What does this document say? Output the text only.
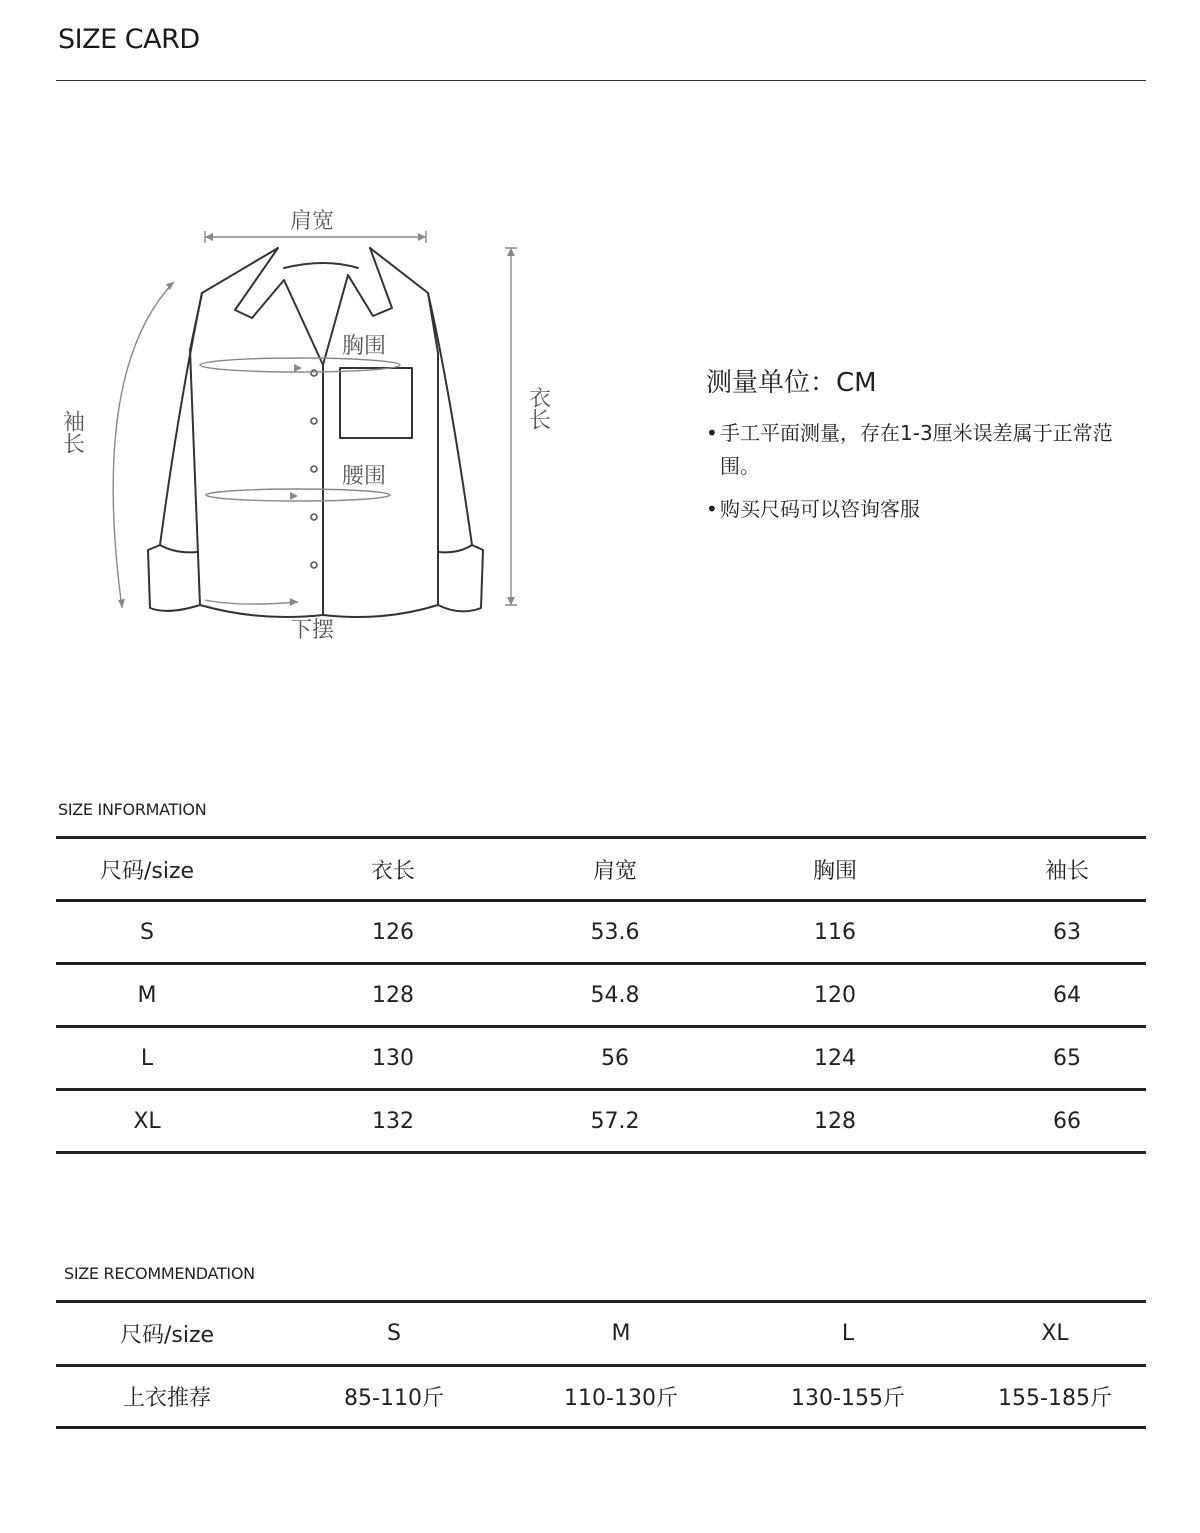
SIZE CARD
肩宽
胸围
腰围
下摆
袖长
衣长
测量单位：CM
• 手工平面测量，存在1-3厘米误差属于正常范围。
• 购买尺码可以咨询客服
SIZE INFORMATION
尺码/size	衣长	肩宽	胸围	袖长
S	126	53.6	116	63
M	128	54.8	120	64
L	130	56	124	65
XL	132	57.2	128	66
SIZE RECOMMENDATION
尺码/size	S	M	L	XL
上衣推荐	85-110斤	110-130斤	130-155斤	155-185斤
